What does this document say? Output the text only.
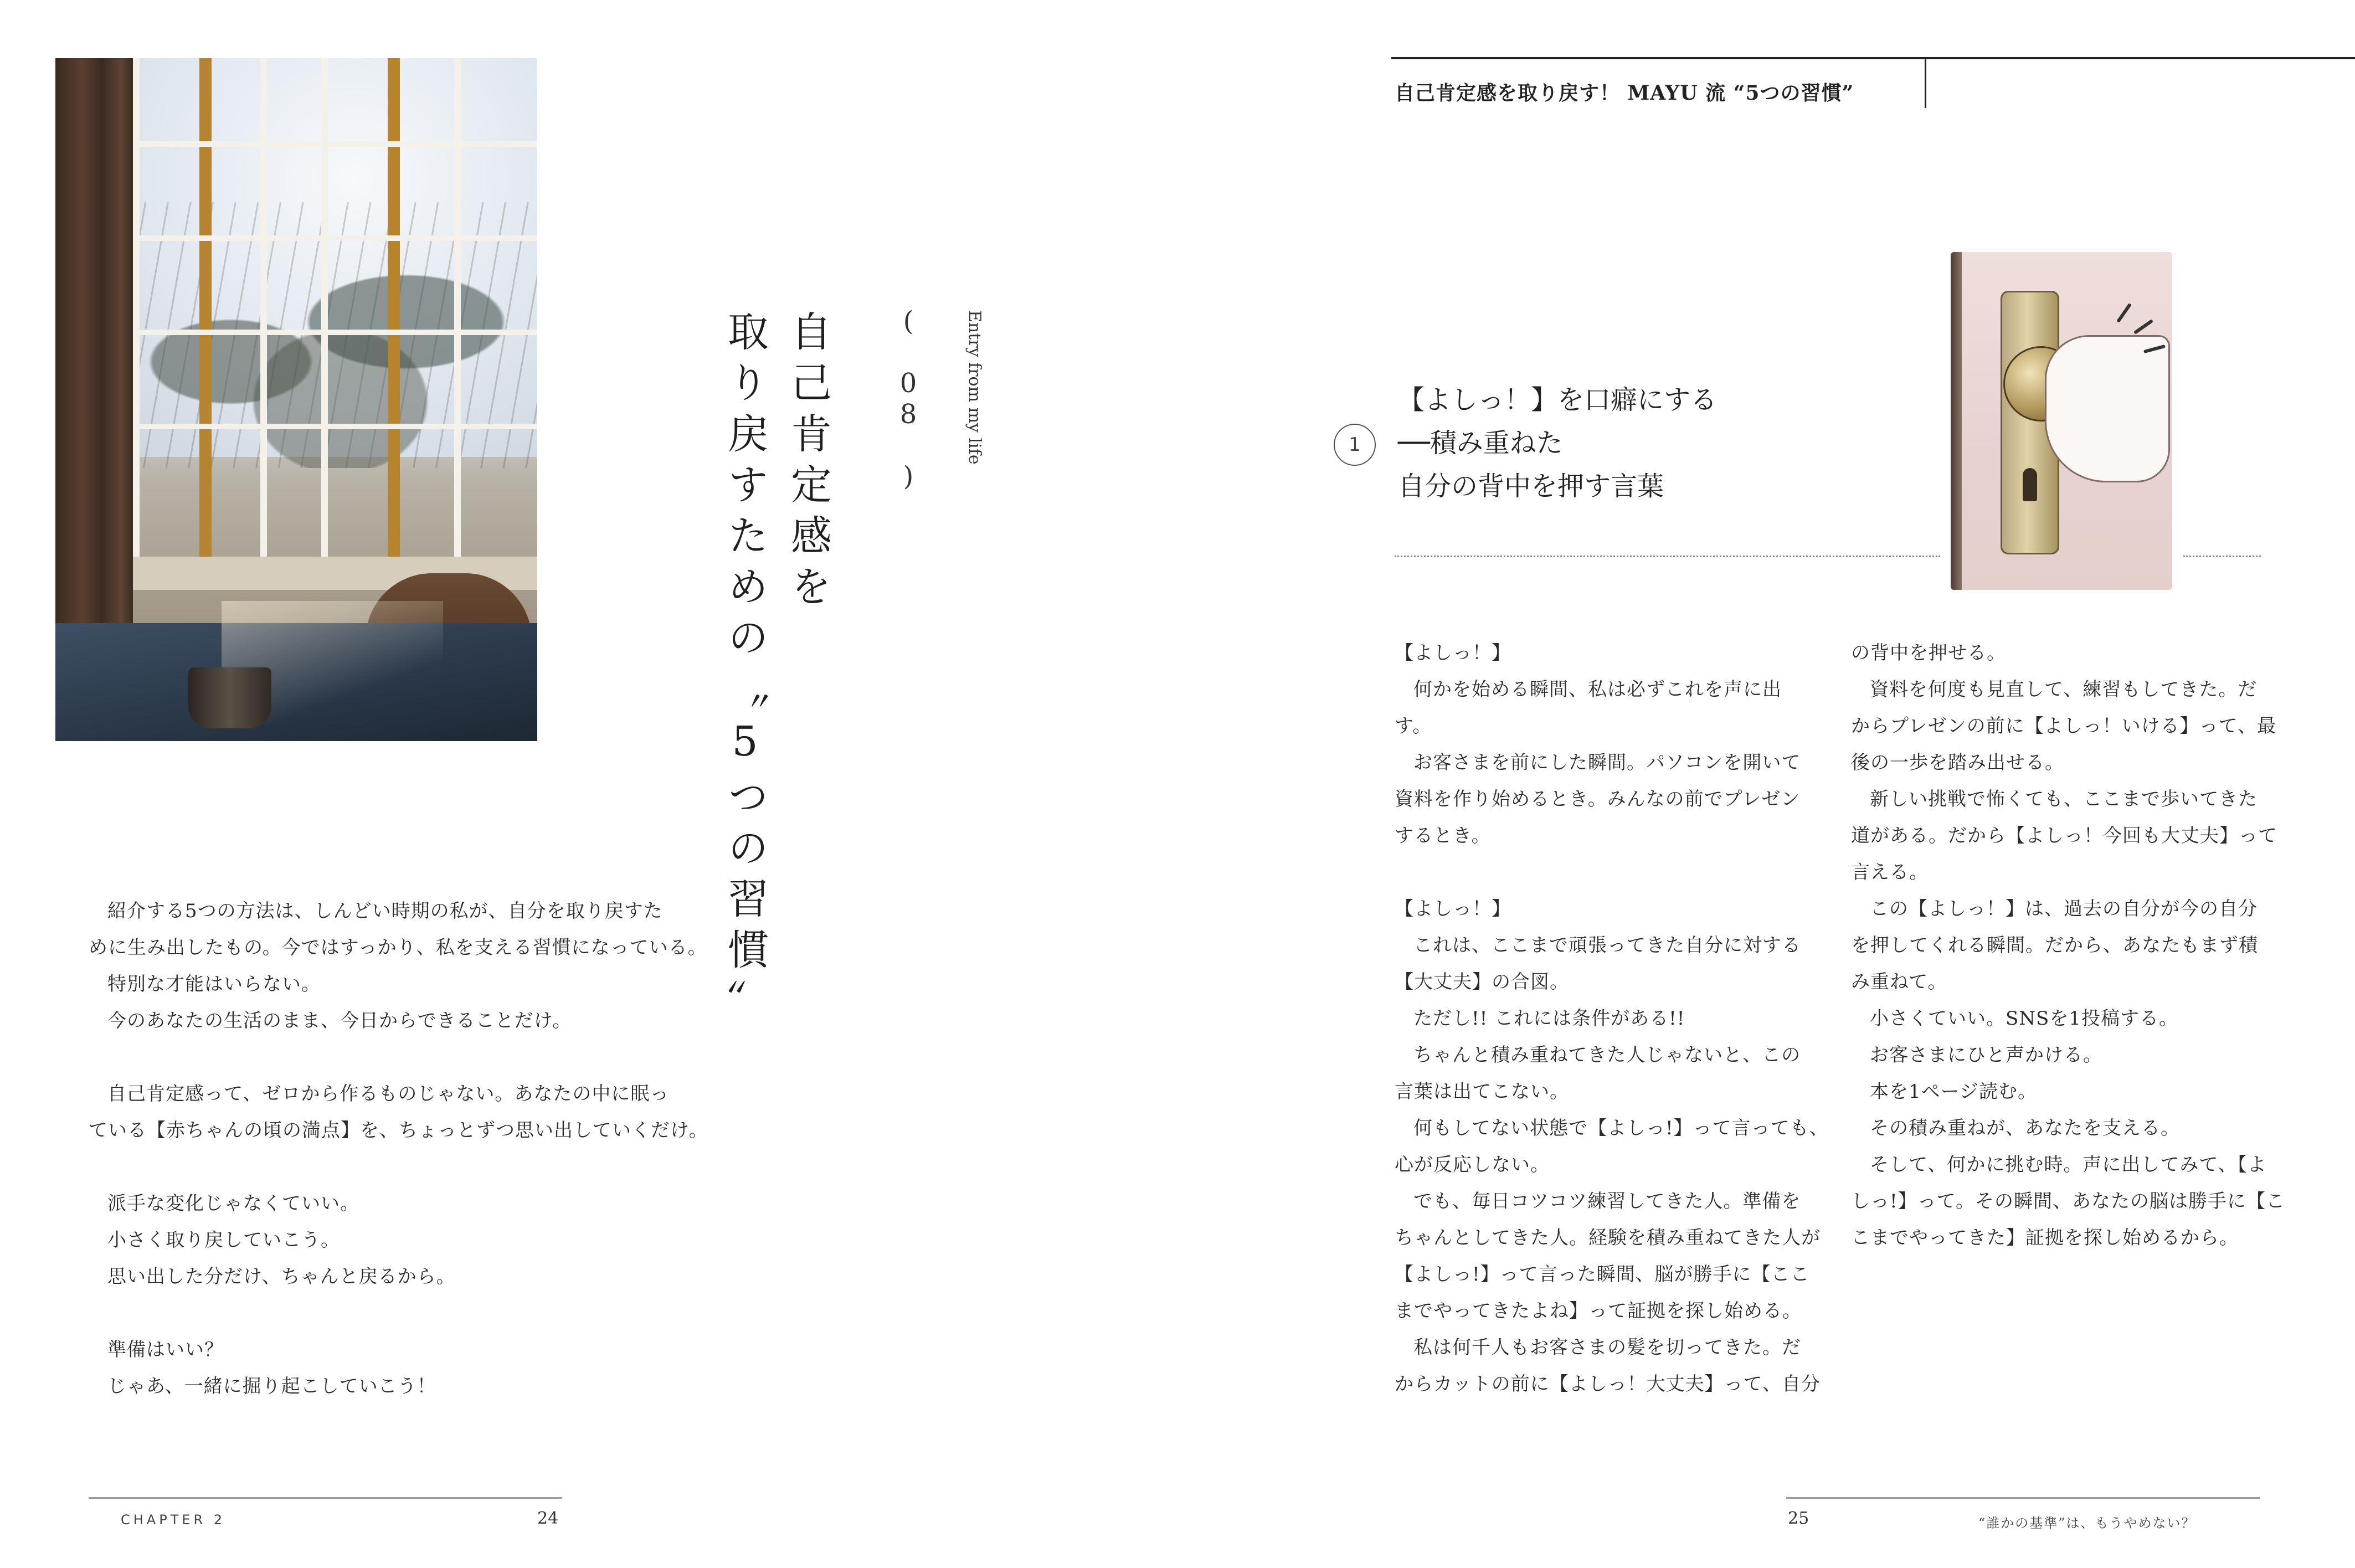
自己肯定感を
取り戻すための〝5つの習慣〟	( 08 ) Entry from my life

紹介する5つの方法は、しんどい時期の私が、自分を取り戻すた

めに生み出したもの。今ではすっかり、私を支える習慣になっている。

特別な才能はいらない。

今のあなたの生活のまま、今日からできることだけ。

自己肯定感って、ゼロから作るものじゃない。あなたの中に眠っ

ている【赤ちゃんの頃の満点】を、ちょっとずつ思い出していくだけ。

派手な変化じゃなくていい。

小さく取り戻していこう。

思い出した分だけ、ちゃんと戻るから。

準備はいい？

じゃあ、一緒に掘り起こしていこう！

CHAPTER 2	24
自己肯定感を取り戻す！ MAYU 流 “5つの習慣”
1

【よしっ！】を口癖にする

──積み重ねた

自分の背中を押す言葉

【よしっ！】

何かを始める瞬間、私は必ずこれを声に出

す。

お客さまを前にした瞬間。パソコンを開いて

資料を作り始めるとき。みんなの前でプレゼン

するとき。

【よしっ！】

これは、ここまで頑張ってきた自分に対する

【大丈夫】の合図。

ただし!! これには条件がある!!

ちゃんと積み重ねてきた人じゃないと、この

言葉は出てこない。

何もしてない状態で【よしっ!】って言っても、

心が反応しない。

でも、毎日コツコツ練習してきた人。準備を

ちゃんとしてきた人。経験を積み重ねてきた人が

【よしっ!】って言った瞬間、脳が勝手に【ここ

までやってきたよね】って証拠を探し始める。

私は何千人もお客さまの髪を切ってきた。だ

からカットの前に【よしっ！大丈夫】って、自分

の背中を押せる。

資料を何度も見直して、練習もしてきた。だ

からプレゼンの前に【よしっ！いける】って、最

後の一歩を踏み出せる。

新しい挑戦で怖くても、ここまで歩いてきた

道がある。だから【よしっ！今回も大丈夫】って

言える。

この【よしっ！】は、過去の自分が今の自分

を押してくれる瞬間。だから、あなたもまず積

み重ねて。

小さくていい。SNSを1投稿する。

お客さまにひと声かける。

本を1ページ読む。

その積み重ねが、あなたを支える。

そして、何かに挑む時。声に出してみて、【よ

しっ!】って。その瞬間、あなたの脳は勝手に【こ

こまでやってきた】証拠を探し始めるから。

25	“誰かの基準”は、もうやめない？
